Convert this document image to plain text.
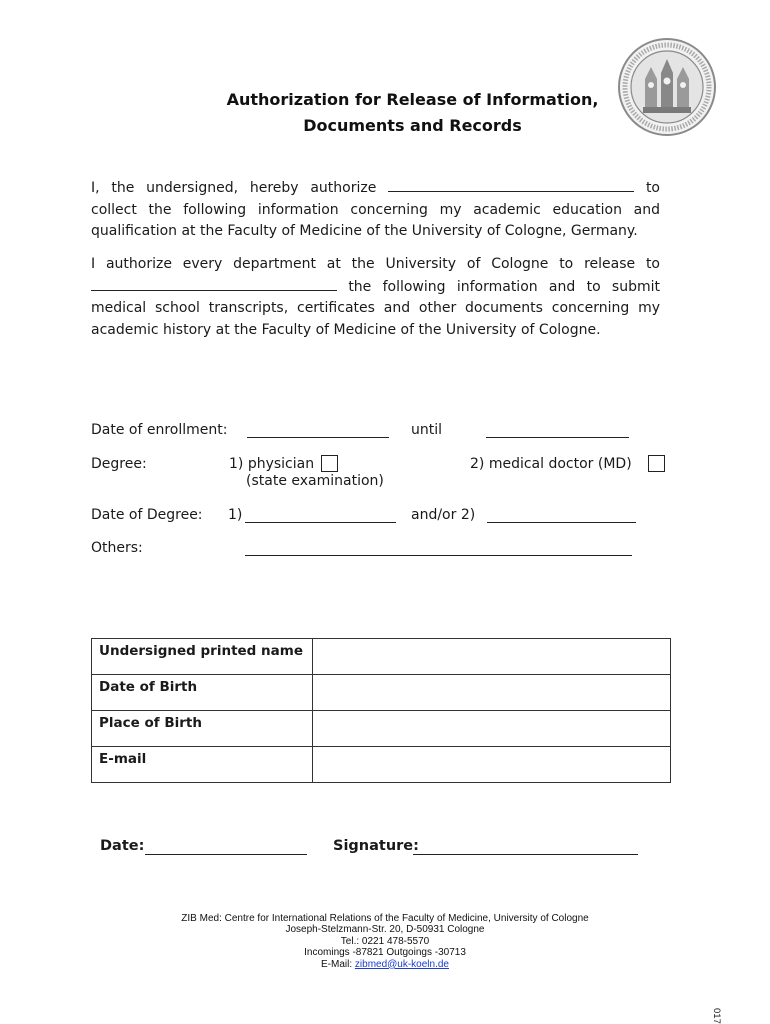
Authorization for Release of Information,
Documents and Records
I, the undersigned, hereby authorize	to collect the following information concerning my academic education and qualification at the Faculty of Medicine of the University of Cologne, Germany.
I authorize every department at the University of Cologne to release to  the following information and to submit medical school transcripts, certificates and other documents concerning my academic history at the Faculty of Medicine of the University of Cologne.
Date of enrollment:	until
Degree:	1) physician
(state examination)
2) medical doctor (MD)
Date of Degree: 1)	and/or 2)
Others:
Undersigned printed name	
Date of Birth	
Place of Birth	
E-mail	
Date:	Signature:
ZIB Med: Centre for International Relations of the Faculty of Medicine, University of Cologne
Joseph-Stelzmann-Str. 20, D-50931 Cologne
Tel.: 0221 478-5570
Incomings -87821 Outgoings -30713
E-Mail: zibmed@uk-koeln.de
017
